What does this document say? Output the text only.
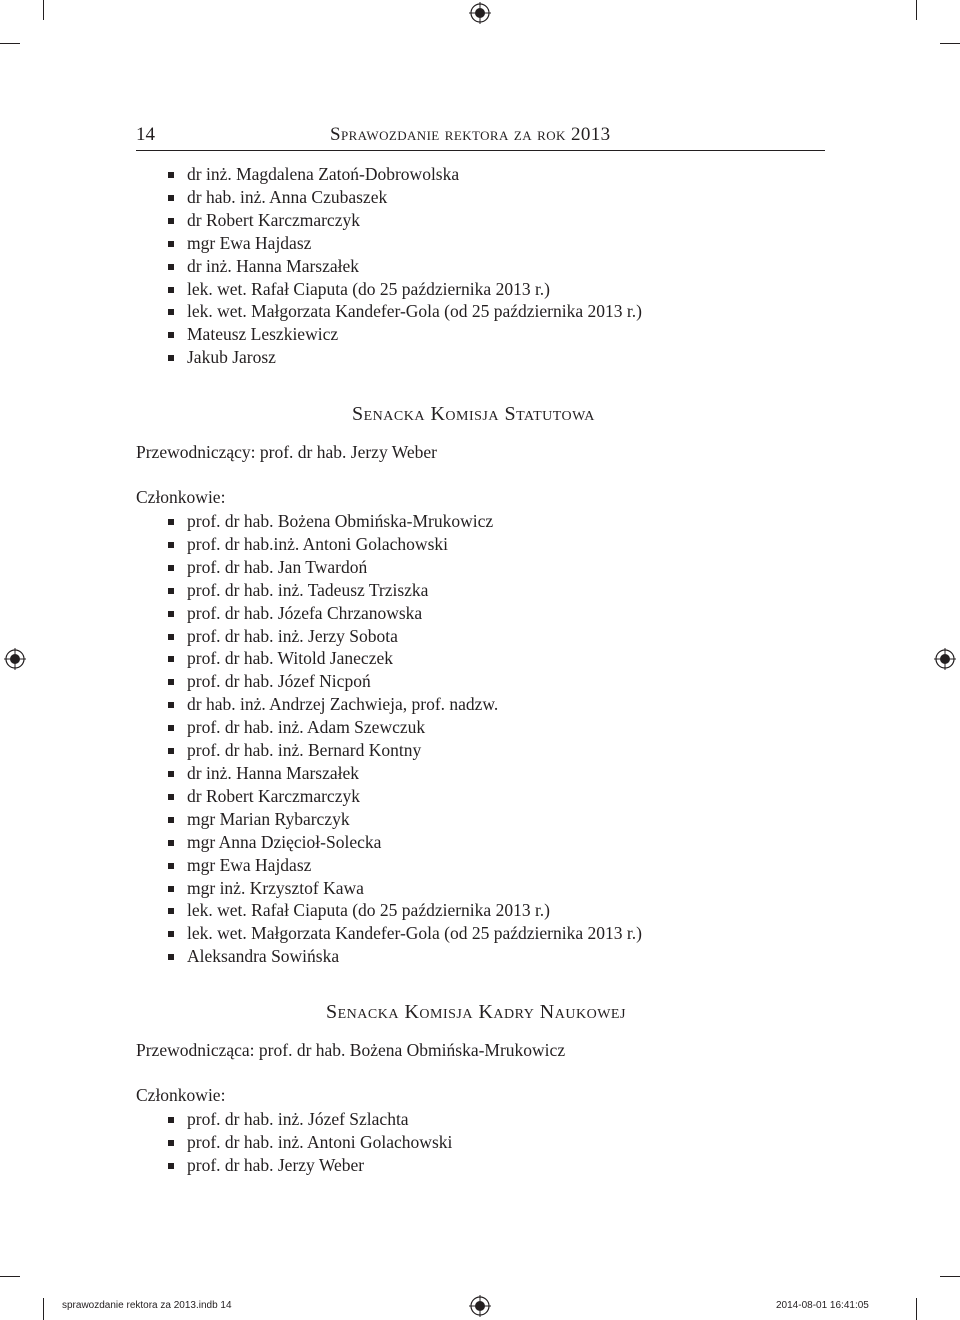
14	Sprawozdanie rektora za rok 2013
dr inż. Magdalena Zatoń-Dobrowolska
dr hab. inż. Anna Czubaszek
dr Robert Karczmarczyk
mgr Ewa Hajdasz
dr inż. Hanna Marszałek
lek. wet. Rafał Ciaputa (do 25 października 2013 r.)
lek. wet. Małgorzata Kandefer-Gola (od 25 października 2013 r.)
Mateusz Leszkiewicz
Jakub Jarosz
Senacka Komisja Statutowa
Przewodniczący: prof. dr hab. Jerzy Weber
Członkowie:
prof. dr hab. Bożena Obmińska-Mrukowicz
prof. dr hab.inż. Antoni Golachowski
prof. dr hab. Jan Twardoń
prof. dr hab. inż. Tadeusz Trziszka
prof. dr hab. Józefa Chrzanowska
prof. dr hab. inż. Jerzy Sobota
prof. dr hab. Witold Janeczek
prof. dr hab. Józef Nicpoń
dr hab. inż. Andrzej Zachwieja, prof. nadzw.
prof. dr hab. inż. Adam Szewczuk
prof. dr hab. inż. Bernard Kontny
dr inż. Hanna Marszałek
dr Robert Karczmarczyk
mgr Marian Rybarczyk
mgr Anna Dzięcioł-Solecka
mgr Ewa Hajdasz
mgr inż. Krzysztof Kawa
lek. wet. Rafał Ciaputa (do 25 października 2013 r.)
lek. wet. Małgorzata Kandefer-Gola (od 25 października 2013 r.)
Aleksandra Sowińska
Senacka Komisja Kadry Naukowej
Przewodnicząca: prof. dr hab. Bożena Obmińska-Mrukowicz
Członkowie:
prof. dr hab. inż. Józef Szlachta
prof. dr hab. inż. Antoni Golachowski
prof. dr hab. Jerzy Weber
sprawozdanie rektora za 2013.indb 14	2014-08-01 16:41:05
